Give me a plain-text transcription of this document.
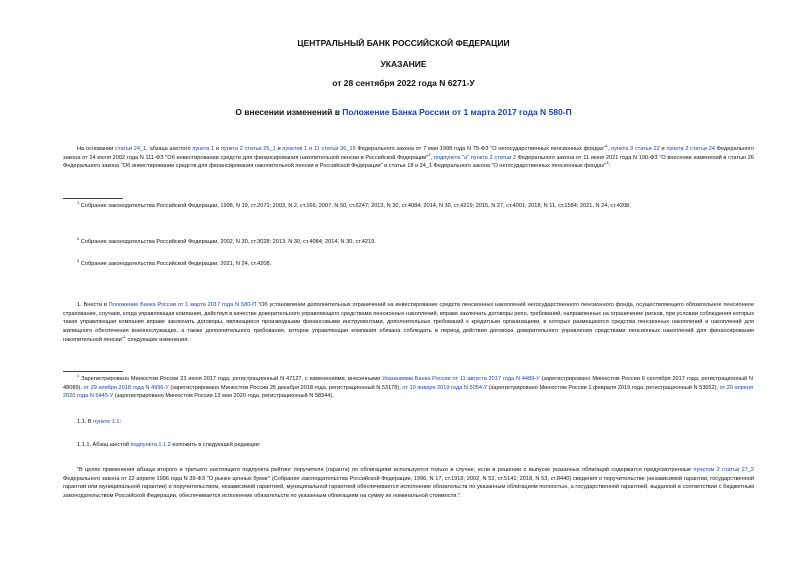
ЦЕНТРАЛЬНЫЙ БАНК РОССИЙСКОЙ ФЕДЕРАЦИИ
УКАЗАНИЕ
от 28 сентября 2022 года N 6271-У
О внесении изменений в Положение Банка России от 1 марта 2017 года N 580-П
На основании статьи 24_1, абзаца шестого пункта 1 и пункта 2 статьи 25_1 и пунктов 1 и 11 статьи 36_15 Федерального закона от 7 мая 1998 года N 75-ФЗ "О негосударственных пенсионных фондах"$^1$, пункта 3 статьи 22 и пункта 2 статьи 24 Федерального закона от 24 июля 2002 года N 111-ФЗ "Об инвестировании средств для финансирования накопительной пенсии в Российской Федерации"$^2$, подпункта "а" пункта 2 статьи 2 Федерального закона от 11 июня 2021 года N 190-ФЗ "О внесении изменений в статью 26 Федерального закона "Об инвестировании средств для финансирования накопительной пенсии в Российской Федерации" и статьи 18 и 24_1 Федерального закона "О негосударственных пенсионных фондах"$^3$:
$^1$ Собрание законодательства Российской Федерации, 1998, N 19, ст.2071; 2003, N 2, ст.166; 2007, N 50, ст.6247; 2013, N 30, ст.4084; 2014, N 30, ст.4219; 2015, N 27, ст.4001; 2018, N 11, ст.1584; 2021, N 24, ст.4208.
$^2$ Собрание законодательства Российской Федерации, 2002, N 30, ст.3028; 2013, N 30, ст.4084; 2014, N 30, ст.4219.
$^3$ Собрание законодательства Российской Федерации, 2021, N 24, ст.4208.
1. Внести в Положение Банка России от 1 марта 2017 года N 580-П "Об установлении дополнительных ограничений на инвестирование средств пенсионных накоплений негосударственного пенсионного фонда, осуществляющего обязательное пенсионное страхование, случаев, когда управляющая компания, действуя в качестве доверительного управляющего средствами пенсионных накоплений, вправе заключать договоры репо, требований, направленных на ограничение рисков, при условии соблюдения которых такая управляющая компания вправе заключать договоры, являющиеся производными финансовыми инструментами, дополнительных требований к кредитным организациям, в которых размещаются средства пенсионных накоплений и накоплений для жилищного обеспечения военнослужащих, а также дополнительного требования, которое управляющая компания обязана соблюдать в период действия договора доверительного управления средствами пенсионных накоплений для финансирования накопительной пенсии"$^1$ следующие изменения:
$^1$ Зарегистрировано Минюстом России 23 июня 2017 года, регистрационный N 47127, с изменениями, внесенными Указаниями Банка России от 11 августа 2017 года N 4489-У (зарегистрировано Минюстом России 6 сентября 2017 года, регистрационный N 48089), от 29 ноября 2018 года N 4996-У (зарегистрировано Минюстом России 26 декабря 2018 года, регистрационный N 53178), от 10 января 2019 года N 5054-У (зарегистрировано Минюстом России 1 февраля 2019 года, регистрационный N 53652), от 20 апреля 2020 года N 5445-У (зарегистрировано Минюстом России 13 мая 2020 года, регистрационный N 58344).
1.1. В пункте 1.1:
1.1.1. Абзац шестой подпункта 1.1.2 изложить в следующей редакции:
"В целях применения абзаца второго и третьего настоящего подпункта рейтинг поручителя (гаранта) по облигациям используется только в случае, если в решении о выпуске указанных облигаций содержатся предусмотренные пунктом 2 статьи 27_2 Федерального закона от 22 апреля 1996 года N 39-ФЗ "О рынке ценных бумаг" (Собрание законодательства Российской Федерации, 1996, N 17, ст.1918; 2002, N 52, ст.5141; 2018, N 53, ст.8440) сведения о поручительстве (независимой гарантии, государственной гарантии или муниципальной гарантии) и поручительством, независимой гарантией, муниципальной гарантией обеспечивается исполнение обязательств по указанным облигациям полностью, а государственной гарантией, выданной в соответствии с бюджетным законодательством Российской Федерации, обеспечивается исполнение обязательств по указанным облигациям на сумму их номинальной стоимости.".
